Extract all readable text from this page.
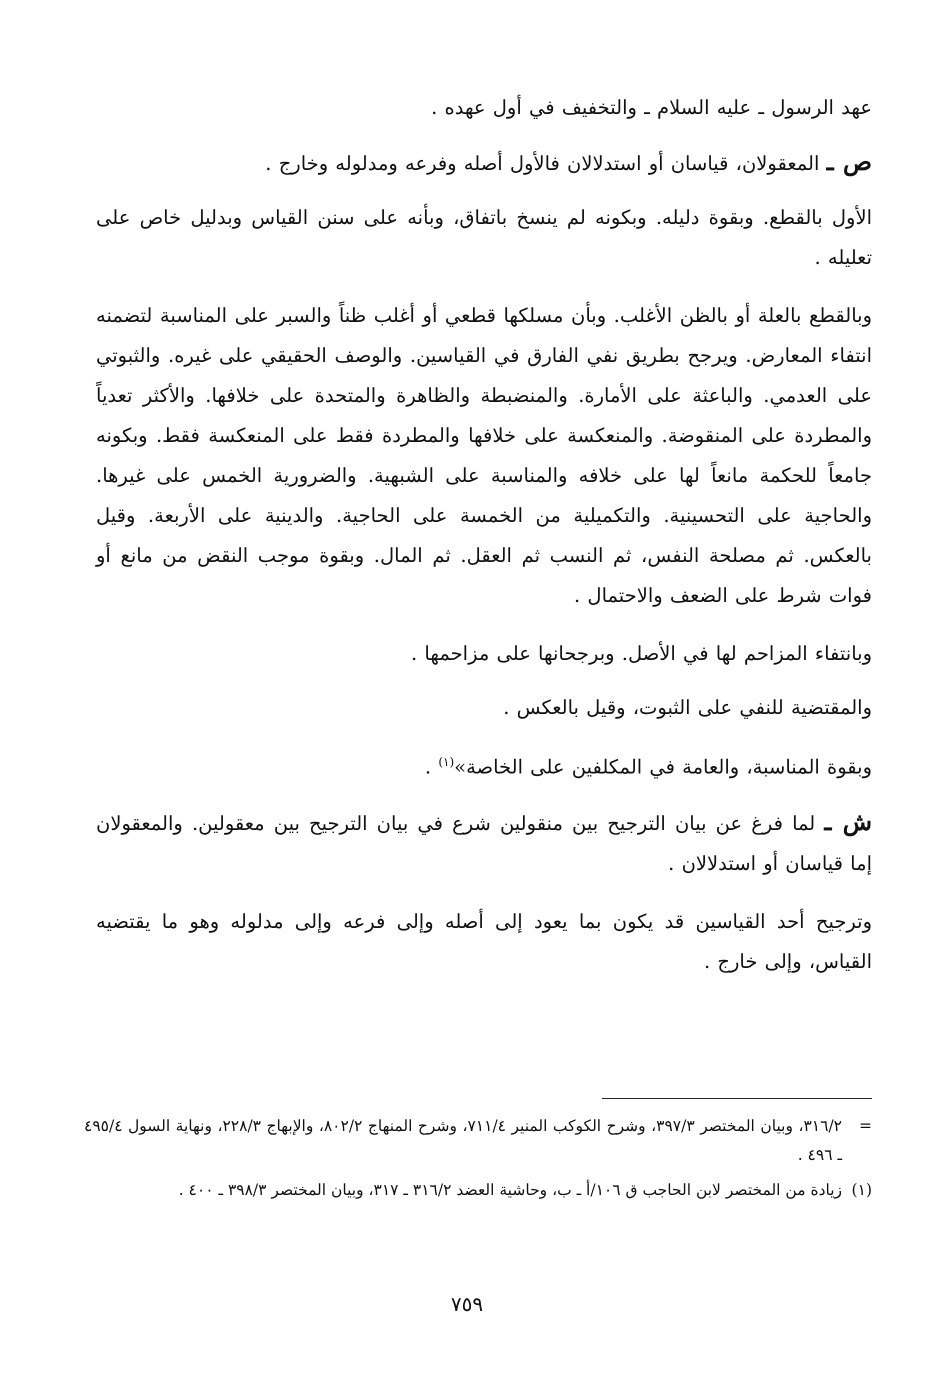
عهد الرسول ـ عليه السلام ـ والتخفيف في أول عهده .

ص ـ المعقولان، قياسان أو استدلالان فالأول أصله وفرعه ومدلوله وخارج .

الأول بالقطع. وبقوة دليله. وبكونه لم ينسخ باتفاق، وبأنه على سنن القياس وبدليل خاص على تعليله .

وبالقطع بالعلة أو بالظن الأغلب. وبأن مسلكها قطعي أو أغلب ظناً والسبر على المناسبة لتضمنه انتفاء المعارض. ويرجح بطريق نفي الفارق في القياسين. والوصف الحقيقي على غيره. والثبوتي على العدمي. والباعثة على الأمارة. والمنضبطة والظاهرة والمتحدة على خلافها. والأكثر تعدياً والمطردة على المنقوضة. والمنعكسة على خلافها والمطردة فقط على المنعكسة فقط. وبكونه جامعاً للحكمة مانعاً لها على خلافه والمناسبة على الشبهية. والضرورية الخمس على غيرها. والحاجية على التحسينية. والتكميلية من الخمسة على الحاجية. والدينية على الأربعة. وقيل بالعكس. ثم مصلحة النفس، ثم النسب ثم العقل. ثم المال. وبقوة موجب النقض من مانع أو فوات شرط على الضعف والاحتمال .

وبانتفاء المزاحم لها في الأصل. وبرجحانها على مزاحمها .

والمقتضية للنفي على الثبوت، وقيل بالعكس .

وبقوة المناسبة، والعامة في المكلفين على الخاصة»$^{(١)}$ .

ش ـ لما فرغ عن بيان الترجيح بين منقولين شرع في بيان الترجيح بين معقولين. والمعقولان إما قياسان أو استدلالان .

وترجيح أحد القياسين قد يكون بما يعود إلى أصله وإلى فرعه وإلى مدلوله وهو ما يقتضيه القياس، وإلى خارج .

=
٣١٦/٢، وبيان المختصر ٣٩٧/٣، وشرح الكوكب المنير ٧١١/٤، وشرح المنهاج ٨٠٢/٢، والإبهاج ٢٢٨/٣، ونهاية السول ٤٩٥/٤ ـ ٤٩٦ .
(١)
زيادة من المختصر لابن الحاجب ق ١٠٦/أ ـ ب، وحاشية العضد ٣١٦/٢ ـ ٣١٧، وبيان المختصر ٣٩٨/٣ ـ ٤٠٠ .
٧٥٩
